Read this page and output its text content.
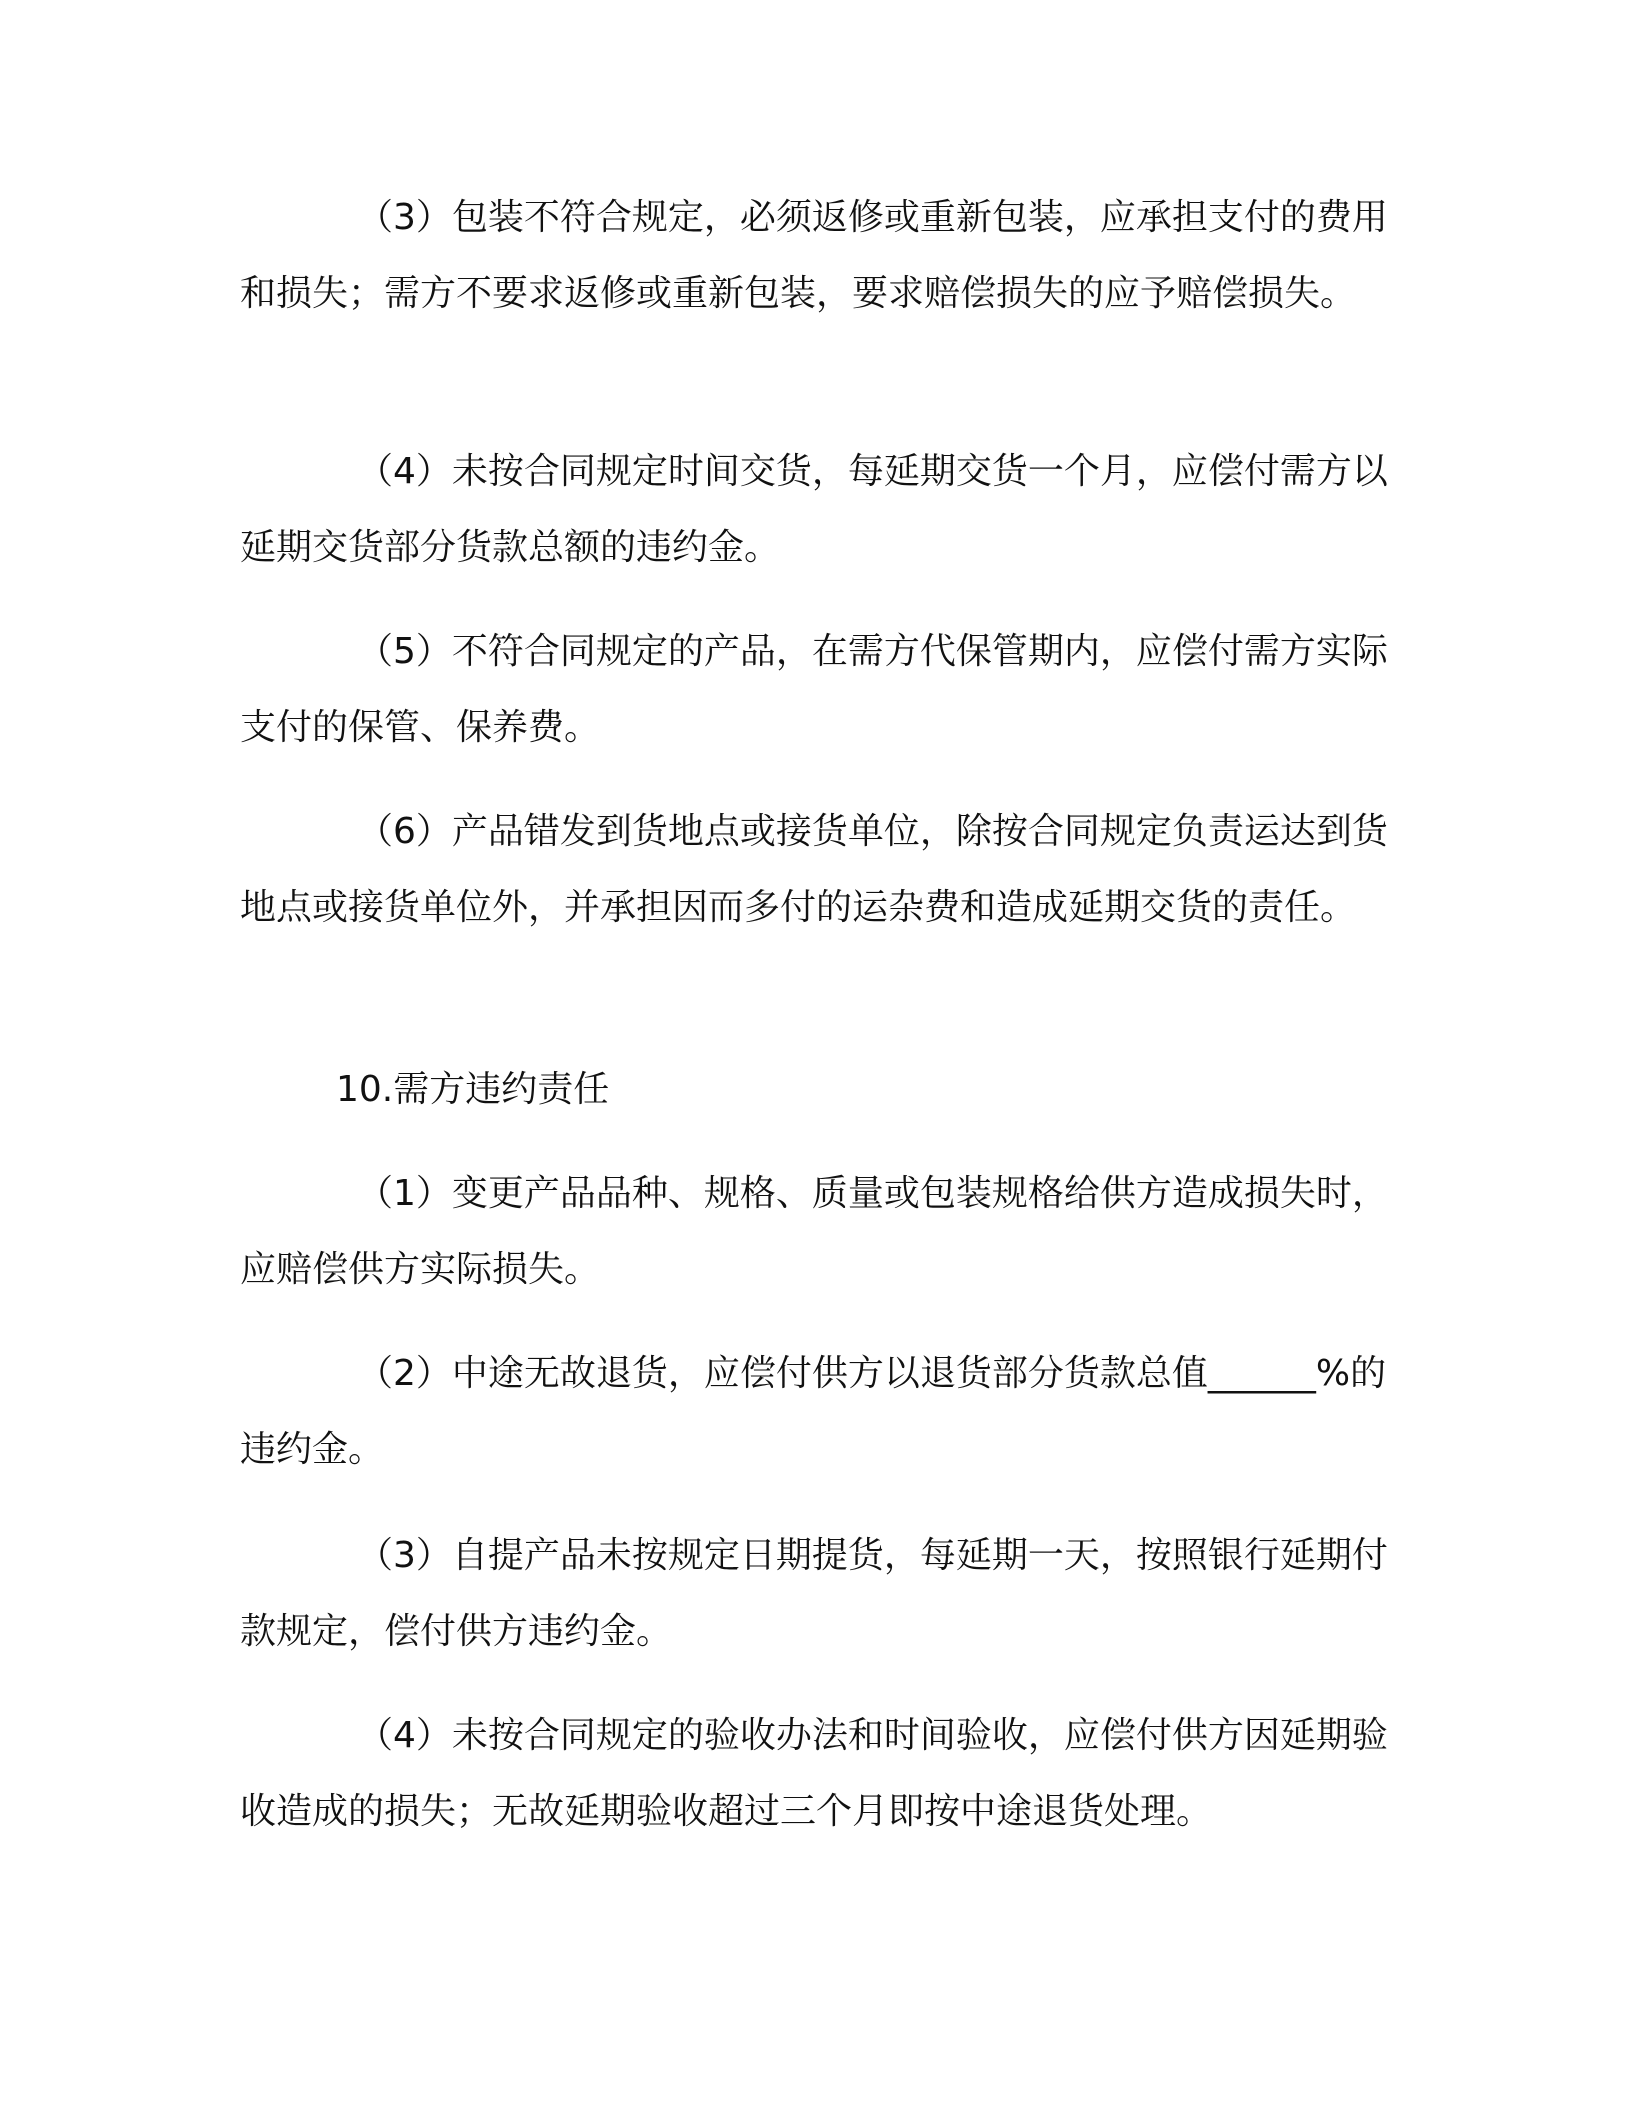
（3）包装不符合规定，必须返修或重新包装，应承担支付的费用和损失；需方不要求返修或重新包装，要求赔偿损失的应予赔偿损失。

（4）未按合同规定时间交货，每延期交货一个月，应偿付需方以延期交货部分货款总额的违约金。

（5）不符合同规定的产品，在需方代保管期内，应偿付需方实际支付的保管、保养费。

（6）产品错发到货地点或接货单位，除按合同规定负责运达到货地点或接货单位外，并承担因而多付的运杂费和造成延期交货的责任。

10.需方违约责任

（1）变更产品品种、规格、质量或包装规格给供方造成损失时，应赔偿供方实际损失。

（2）中途无故退货，应偿付供方以退货部分货款总值______%的违约金。

（3）自提产品未按规定日期提货，每延期一天，按照银行延期付款规定，偿付供方违约金。

（4）未按合同规定的验收办法和时间验收，应偿付供方因延期验收造成的损失；无故延期验收超过三个月即按中途退货处理。
